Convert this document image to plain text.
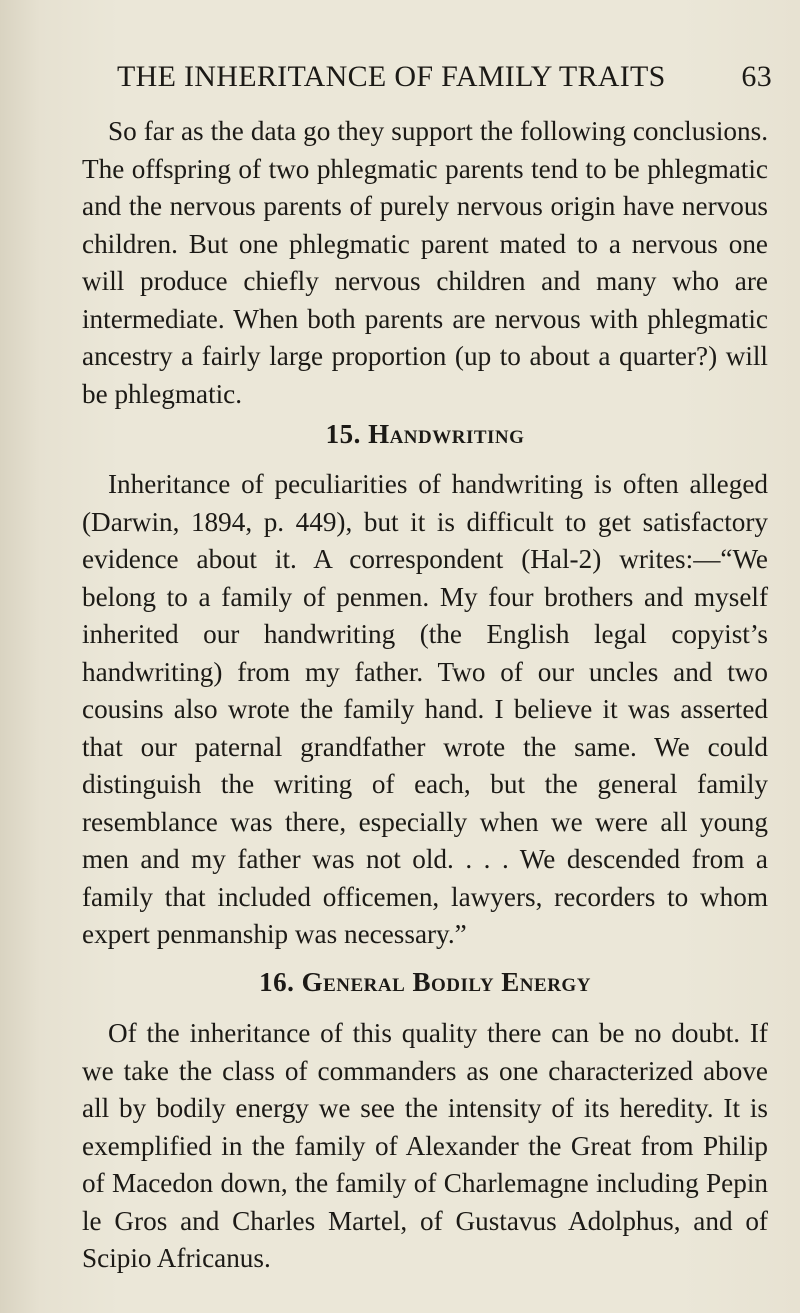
THE INHERITANCE OF FAMILY TRAITS	63

So far as the data go they support the following conclusions. The offspring of two phlegmatic parents tend to be phlegmatic and the nervous parents of purely nervous origin have nervous children. But one phlegmatic parent mated to a nervous one will produce chiefly nervous children and many who are intermediate. When both parents are nervous with phlegmatic ancestry a fairly large proportion (up to about a quarter?) will be phlegmatic.

15. Handwriting

Inheritance of peculiarities of handwriting is often alleged (Darwin, 1894, p. 449), but it is difficult to get satisfactory evidence about it. A correspondent (Hal-2) writes:—“We belong to a family of penmen. My four brothers and myself inherited our handwriting (the English legal copyist’s handwriting) from my father. Two of our uncles and two cousins also wrote the family hand. I believe it was asserted that our paternal grandfather wrote the same. We could distinguish the writing of each, but the general family resemblance was there, especially when we were all young men and my father was not old. . . . We descended from a family that included officemen, lawyers, recorders to whom expert penmanship was necessary.”

16. General Bodily Energy

Of the inheritance of this quality there can be no doubt. If we take the class of commanders as one characterized above all by bodily energy we see the intensity of its heredity. It is exemplified in the family of Alexander the Great from Philip of Macedon down, the family of Charlemagne including Pepin le Gros and Charles Martel, of Gustavus Adolphus, and of Scipio Africanus.
